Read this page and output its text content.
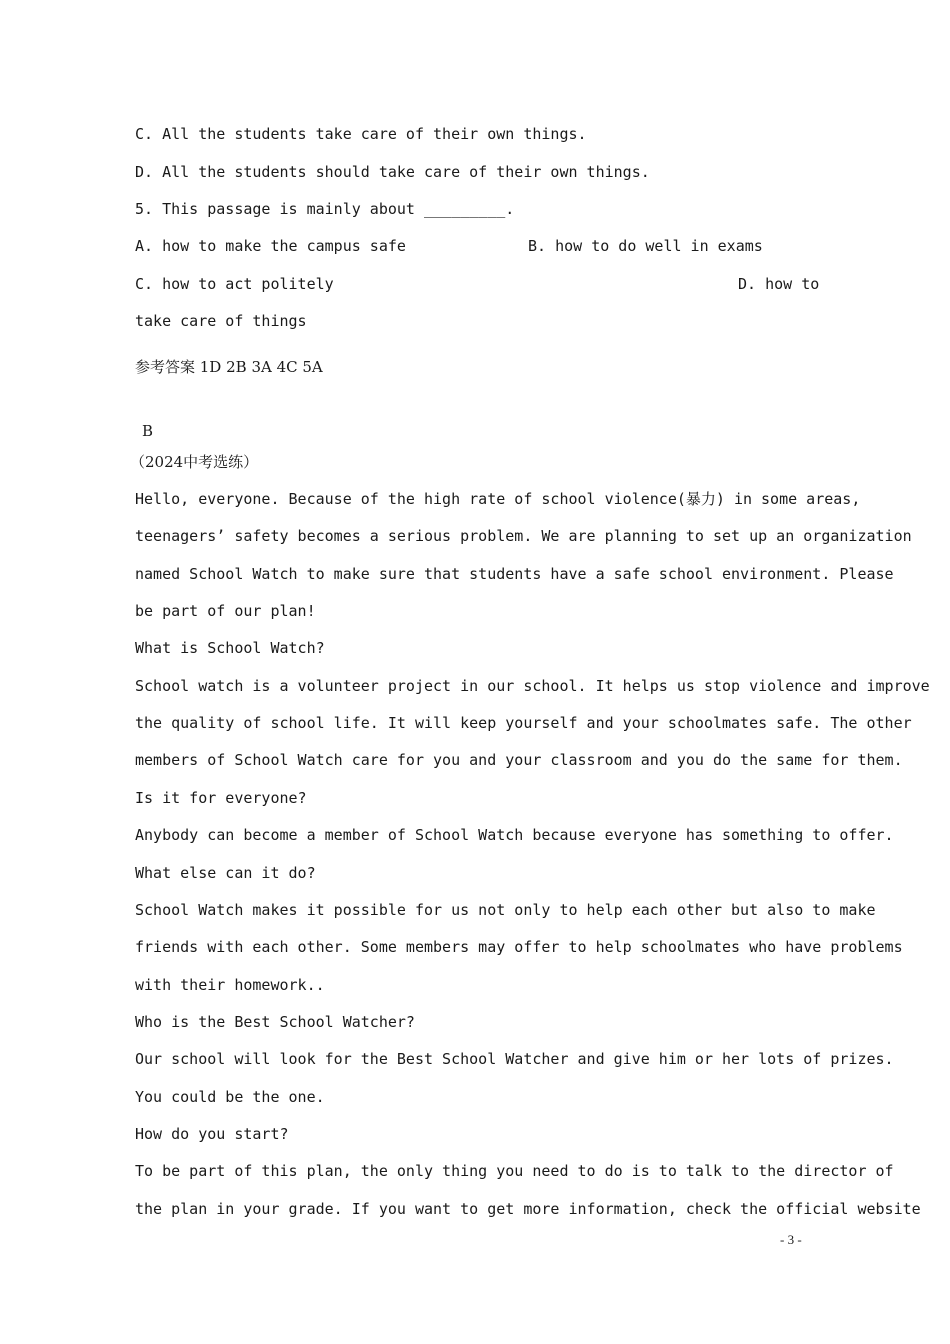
C. All the students take care of their own things.
D. All the students should take care of their own things.
5. This passage is mainly about _________.
A. how to make the campus safe	B. how to do well in exams
C. how to act politely	D. how to
take care of things
参考答案 1D 2B 3A 4C 5A
B
（2024中考选练）
Hello, everyone. Because of the high rate of school violence(暴力) in some areas,
teenagers’ safety becomes a serious problem. We are planning to set up an organization
named School Watch to make sure that students have a safe school environment. Please
be part of our plan!
What is School Watch?
School watch is a volunteer project in our school. It helps us stop violence and improve
the quality of school life. It will keep yourself and your schoolmates safe. The other
members of School Watch care for you and your classroom and you do the same for them.
Is it for everyone?
Anybody can become a member of School Watch because everyone has something to offer.
What else can it do?
School Watch makes it possible for us not only to help each other but also to make
friends with each other. Some members may offer to help schoolmates who have problems
with their homework..
Who is the Best School Watcher?
Our school will look for the Best School Watcher and give him or her lots of prizes.
You could be the one.
How do you start?
To be part of this plan, the only thing you need to do is to talk to the director of
the plan in your grade. If you want to get more information, check the official website
- 3 -
